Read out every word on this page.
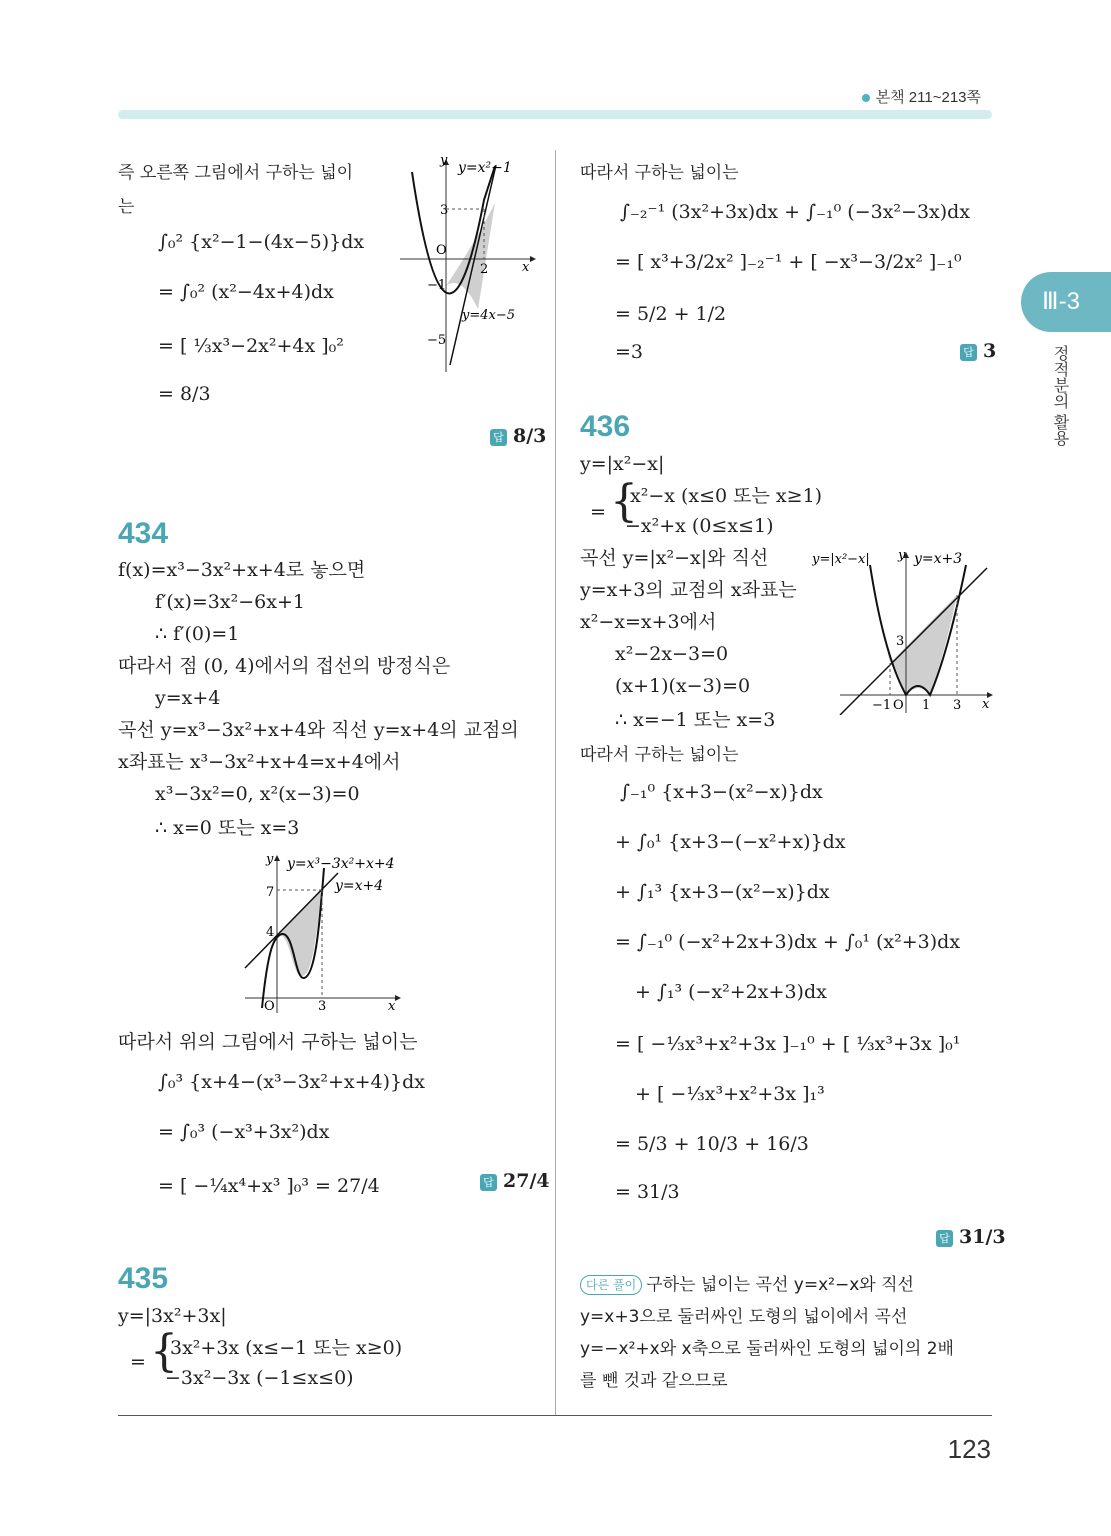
본책 211~213쪽
Ⅲ-3
정적분의 활용
123
즉 오른쪽 그림에서 구하는 넓이
는
∫₀² {x²−1−(4x−5)}dx
= ∫₀² (x²−4x+4)dx
= [ ⅓x³−2x²+4x ]₀²
= 8/3
답 8/3
y y=x²−1
3
O
2	x
−1
y=4x−5
−5
434
f(x)=x³−3x²+x+4로 놓으면
f′(x)=3x²−6x+1
∴ f′(0)=1
따라서 점 (0, 4)에서의 접선의 방정식은
y=x+4
곡선 y=x³−3x²+x+4와 직선 y=x+4의 교점의
x좌표는 x³−3x²+x+4=x+4에서
x³−3x²=0, x²(x−3)=0
∴ x=0 또는 x=3
y y=x³−3x²+x+4
y=x+4
7
4
O	3	x
따라서 위의 그림에서 구하는 넓이는
∫₀³ {x+4−(x³−3x²+x+4)}dx
= ∫₀³ (−x³+3x²)dx
= [ −¼x⁴+x³ ]₀³ = 27/4	답 27/4
435
y=|3x²+3x|
= {
3x²+3x (x≤−1 또는 x≥0)
−3x²−3x (−1≤x≤0)
따라서 구하는 넓이는
∫₋₂⁻¹ (3x²+3x)dx + ∫₋₁⁰ (−3x²−3x)dx
= [ x³+3/2x² ]₋₂⁻¹ + [ −x³−3/2x² ]₋₁⁰
= 5/2 + 1/2
=3	답 3
436
y=|x²−x|
= {
x²−x (x≤0 또는 x≥1)
−x²+x (0≤x≤1)
곡선 y=|x²−x|와 직선
y=x+3의 교점의 x좌표는
x²−x=x+3에서
x²−2x−3=0
(x+1)(x−3)=0
∴ x=−1 또는 x=3
y=|x²−x| y y=x+3
3
−1 O 1 3 x
따라서 구하는 넓이는
∫₋₁⁰ {x+3−(x²−x)}dx
+ ∫₀¹ {x+3−(−x²+x)}dx
+ ∫₁³ {x+3−(x²−x)}dx
= ∫₋₁⁰ (−x²+2x+3)dx + ∫₀¹ (x²+3)dx
+ ∫₁³ (−x²+2x+3)dx
= [ −⅓x³+x²+3x ]₋₁⁰ + [ ⅓x³+3x ]₀¹
+ [ −⅓x³+x²+3x ]₁³
= 5/3 + 10/3 + 16/3
= 31/3
답 31/3
다른 풀이 구하는 넓이는 곡선 y=x²−x와 직선
y=x+3으로 둘러싸인 도형의 넓이에서 곡선
y=−x²+x와 x축으로 둘러싸인 도형의 넓이의 2배
를 뺀 것과 같으므로
